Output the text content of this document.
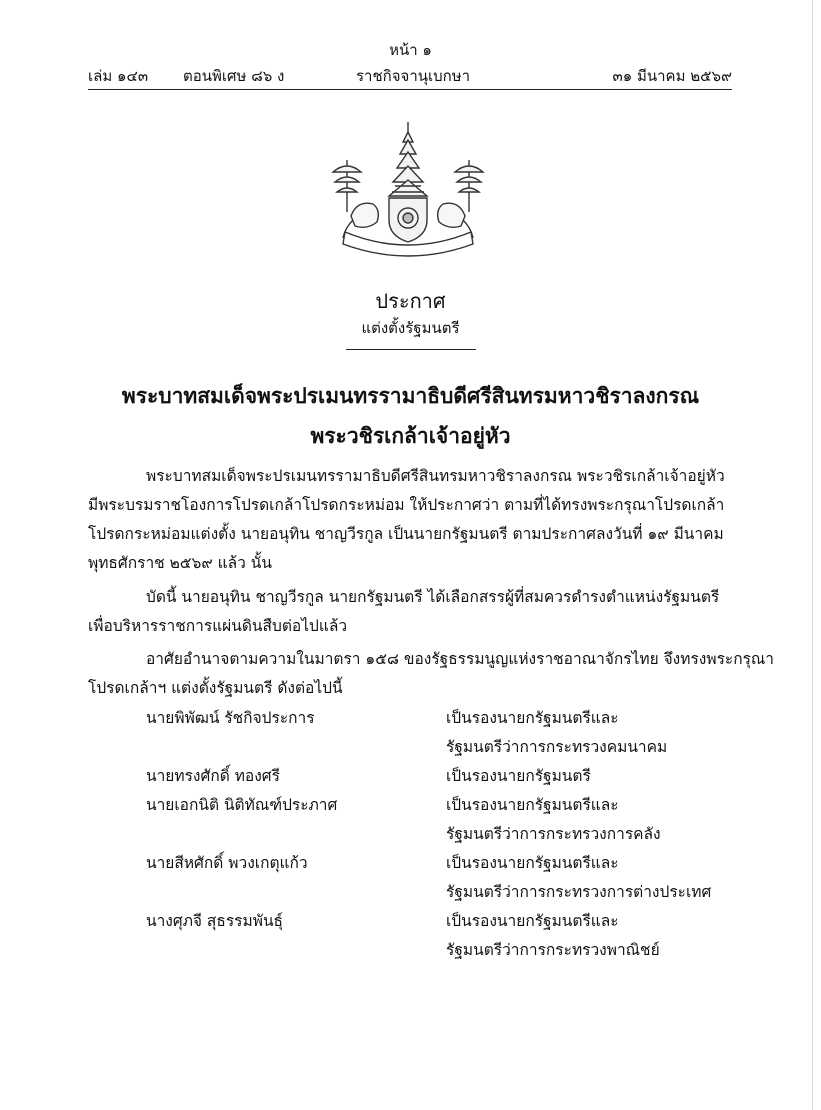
หน้า ๑
เล่ม ๑๔๓ ตอนพิเศษ ๘๖ ง	ราชกิจจานุเบกษา	๓๑ มีนาคม ๒๕๖๙
ประกาศ
แต่งตั้งรัฐมนตรี
พระบาทสมเด็จพระปรเมนทรรามาธิบดีศรีสินทรมหาวชิราลงกรณ
พระวชิรเกล้าเจ้าอยู่หัว
พระบาทสมเด็จพระปรเมนทรรามาธิบดีศรีสินทรมหาวชิราลงกรณ พระวชิรเกล้าเจ้าอยู่หัว
มีพระบรมราชโองการโปรดเกล้าโปรดกระหม่อม ให้ประกาศว่า ตามที่ได้ทรงพระกรุณาโปรดเกล้า
โปรดกระหม่อมแต่งตั้ง นายอนุทิน ชาญวีรกูล เป็นนายกรัฐมนตรี ตามประกาศลงวันที่ ๑๙ มีนาคม
พุทธศักราช ๒๕๖๙ แล้ว นั้น
บัดนี้ นายอนุทิน ชาญวีรกูล นายกรัฐมนตรี ได้เลือกสรรผู้ที่สมควรดำรงตำแหน่งรัฐมนตรี
เพื่อบริหารราชการแผ่นดินสืบต่อไปแล้ว
อาศัยอำนาจตามความในมาตรา ๑๕๘ ของรัฐธรรมนูญแห่งราชอาณาจักรไทย จึงทรงพระกรุณา
โปรดเกล้าฯ แต่งตั้งรัฐมนตรี ดังต่อไปนี้
นายพิพัฒน์ รัชกิจประการ	เป็นรองนายกรัฐมนตรีและ
รัฐมนตรีว่าการกระทรวงคมนาคม
นายทรงศักดิ์ ทองศรี	เป็นรองนายกรัฐมนตรี
นายเอกนิติ นิติทัณฑ์ประภาศ	เป็นรองนายกรัฐมนตรีและ
รัฐมนตรีว่าการกระทรวงการคลัง
นายสีหศักดิ์ พวงเกตุแก้ว	เป็นรองนายกรัฐมนตรีและ
รัฐมนตรีว่าการกระทรวงการต่างประเทศ
นางศุภจี สุธรรมพันธุ์	เป็นรองนายกรัฐมนตรีและ
รัฐมนตรีว่าการกระทรวงพาณิชย์
